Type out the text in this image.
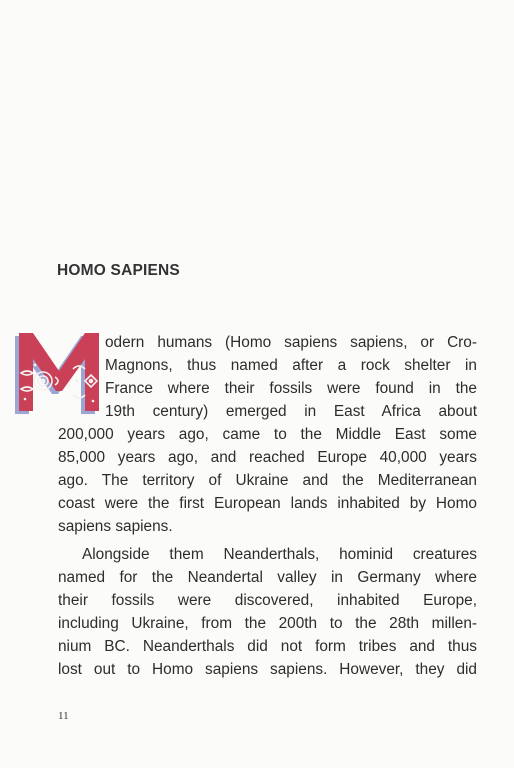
HOMO SAPIENS

odern humans (Homo sapiens sapiens, or Cro-

Magnons, thus named after a rock shelter in

France where their fossils were found in the

19th century) emerged in East Africa about

200,000 years ago, came to the Middle East some

85,000 years ago, and reached Europe 40,000 years

ago. The territory of Ukraine and the Mediterranean

coast were the first European lands inhabited by Homo

sapiens sapiens.

Alongside them Neanderthals, hominid creatures

named for the Neandertal valley in Germany where

their fossils were discovered, inhabited Europe,

including Ukraine, from the 200th to the 28th millen-

nium BC. Neanderthals did not form tribes and thus

lost out to Homo sapiens sapiens. However, they did

11
